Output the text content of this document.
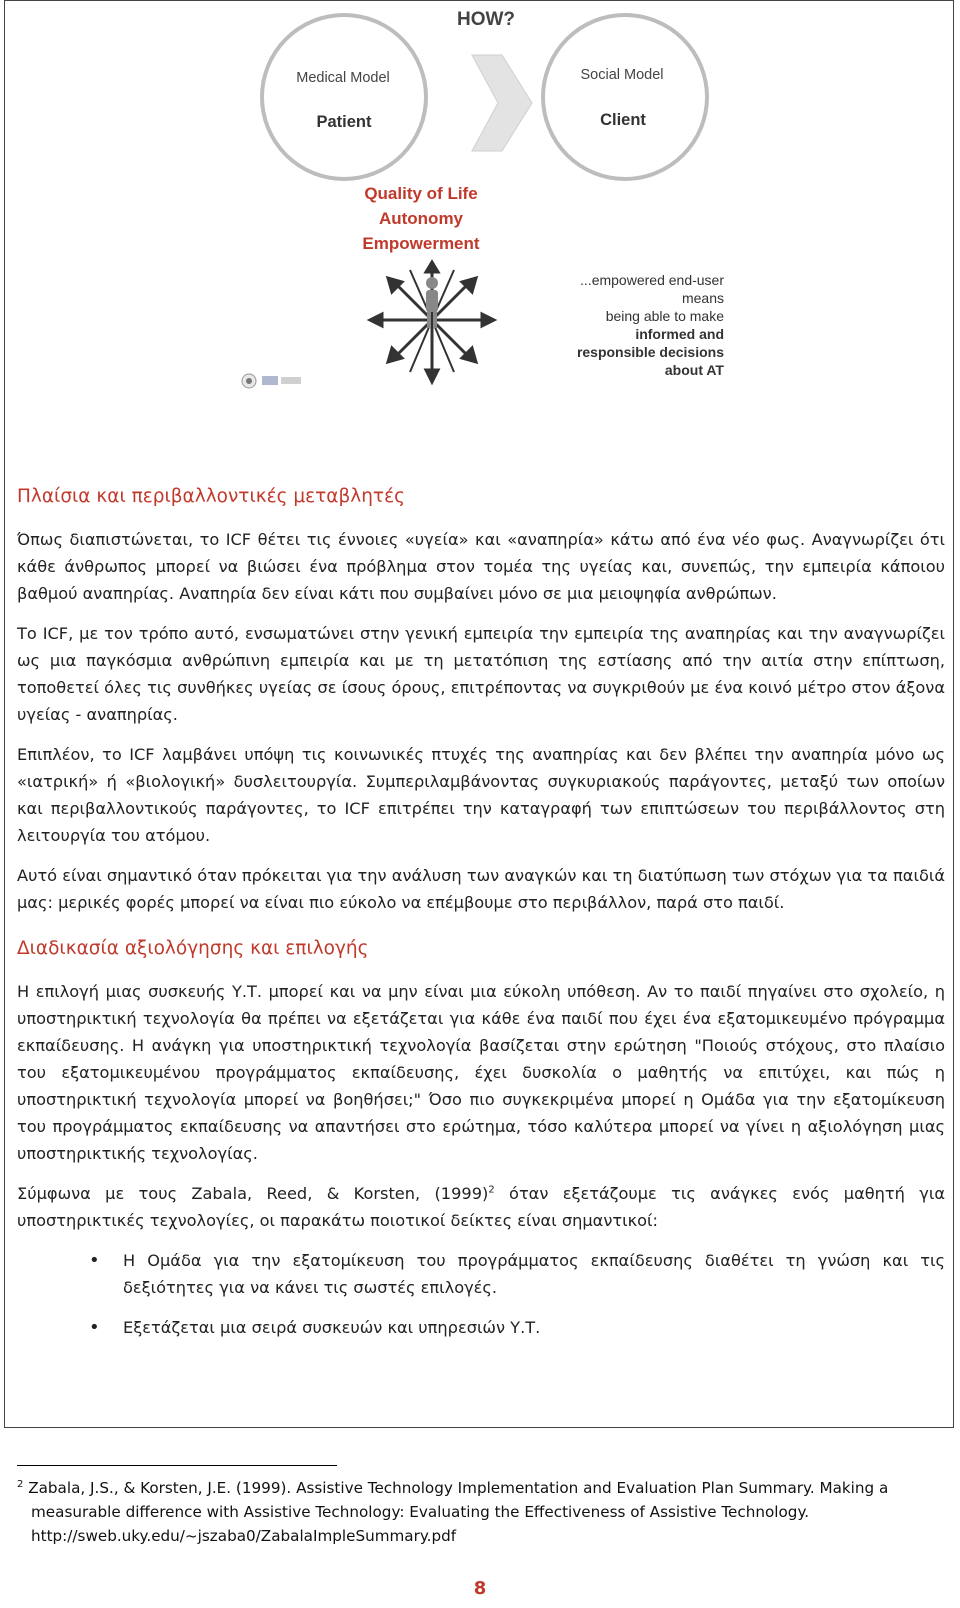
HOW?
Medical Model
Patient
Social Model
Client
Quality of Life
Autonomy
Empowerment
...empowered end-user
means
being able to make
informed and
responsible decisions
about AT
Πλαίσια και περιβαλλοντικές μεταβλητές

Όπως διαπιστώνεται, το ICF θέτει τις έννοιες «υγεία» και «αναπηρία» κάτω από ένα νέο φως. Αναγνωρίζει ότι κάθε άνθρωπος μπορεί να βιώσει ένα πρόβλημα στον τομέα της υγείας και, συνεπώς, την εμπειρία κάποιου βαθμού αναπηρίας. Αναπηρία δεν είναι κάτι που συμβαίνει μόνο σε μια μειοψηφία ανθρώπων.

Το ICF, με τον τρόπο αυτό, ενσωματώνει στην γενική εμπειρία την εμπειρία της αναπηρίας και την αναγνωρίζει ως μια παγκόσμια ανθρώπινη εμπειρία και με τη μετατόπιση της εστίασης από την αιτία στην επίπτωση, τοποθετεί όλες τις συνθήκες υγείας σε ίσους όρους, επιτρέποντας να συγκριθούν με ένα κοινό μέτρο στον άξονα υγείας - αναπηρίας.

Επιπλέον, το ICF λαμβάνει υπόψη τις κοινωνικές πτυχές της αναπηρίας και δεν βλέπει την αναπηρία μόνο ως «ιατρική» ή «βιολογική» δυσλειτουργία. Συμπεριλαμβάνοντας συγκυριακούς παράγοντες, μεταξύ των οποίων και περιβαλλοντικούς παράγοντες, το ICF επιτρέπει την καταγραφή των επιπτώσεων του περιβάλλοντος στη λειτουργία του ατόμου.

Αυτό είναι σημαντικό όταν πρόκειται για την ανάλυση των αναγκών και τη διατύπωση των στόχων για τα παιδιά μας: μερικές φορές μπορεί να είναι πιο εύκολο να επέμβουμε στο περιβάλλον, παρά στο παιδί.

Διαδικασία αξιολόγησης και επιλογής

Η επιλογή μιας συσκευής Υ.Τ. μπορεί και να μην είναι μια εύκολη υπόθεση. Αν το παιδί πηγαίνει στο σχολείο, η υποστηρικτική τεχνολογία θα πρέπει να εξετάζεται για κάθε ένα παιδί που έχει ένα εξατομικευμένο πρόγραμμα εκπαίδευσης. Η ανάγκη για υποστηρικτική τεχνολογία βασίζεται στην ερώτηση "Ποιούς στόχους, στο πλαίσιο του εξατομικευμένου προγράμματος εκπαίδευσης, έχει δυσκολία ο μαθητής να επιτύχει, και πώς η υποστηρικτική τεχνολογία μπορεί να βοηθήσει;" Όσο πιο συγκεκριμένα μπορεί η Ομάδα για την εξατομίκευση του προγράμματος εκπαίδευσης να απαντήσει στο ερώτημα, τόσο καλύτερα μπορεί να γίνει η αξιολόγηση μιας υποστηρικτικής τεχνολογίας.

Σύμφωνα με τους Zabala, Reed, & Korsten, $(1999)^2$ όταν εξετάζουμε τις ανάγκες ενός μαθητή για υποστηρικτικές τεχνολογίες, οι παρακάτω ποιοτικοί δείκτες είναι σημαντικοί:

• Η Ομάδα για την εξατομίκευση του προγράμματος εκπαίδευσης διαθέτει τη γνώση και τις δεξιότητες για να κάνει τις σωστές επιλογές.
• Εξετάζεται μια σειρά συσκευών και υπηρεσιών Υ.Τ.
$^2$ Zabala, J.S., & Korsten, J.E. (1999). Assistive Technology Implementation and Evaluation Plan Summary. Making a
measurable difference with Assistive Technology: Evaluating the Effectiveness of Assistive Technology.
http://sweb.uky.edu/~jszaba0/ZabalaImpleSummary.pdf
8
